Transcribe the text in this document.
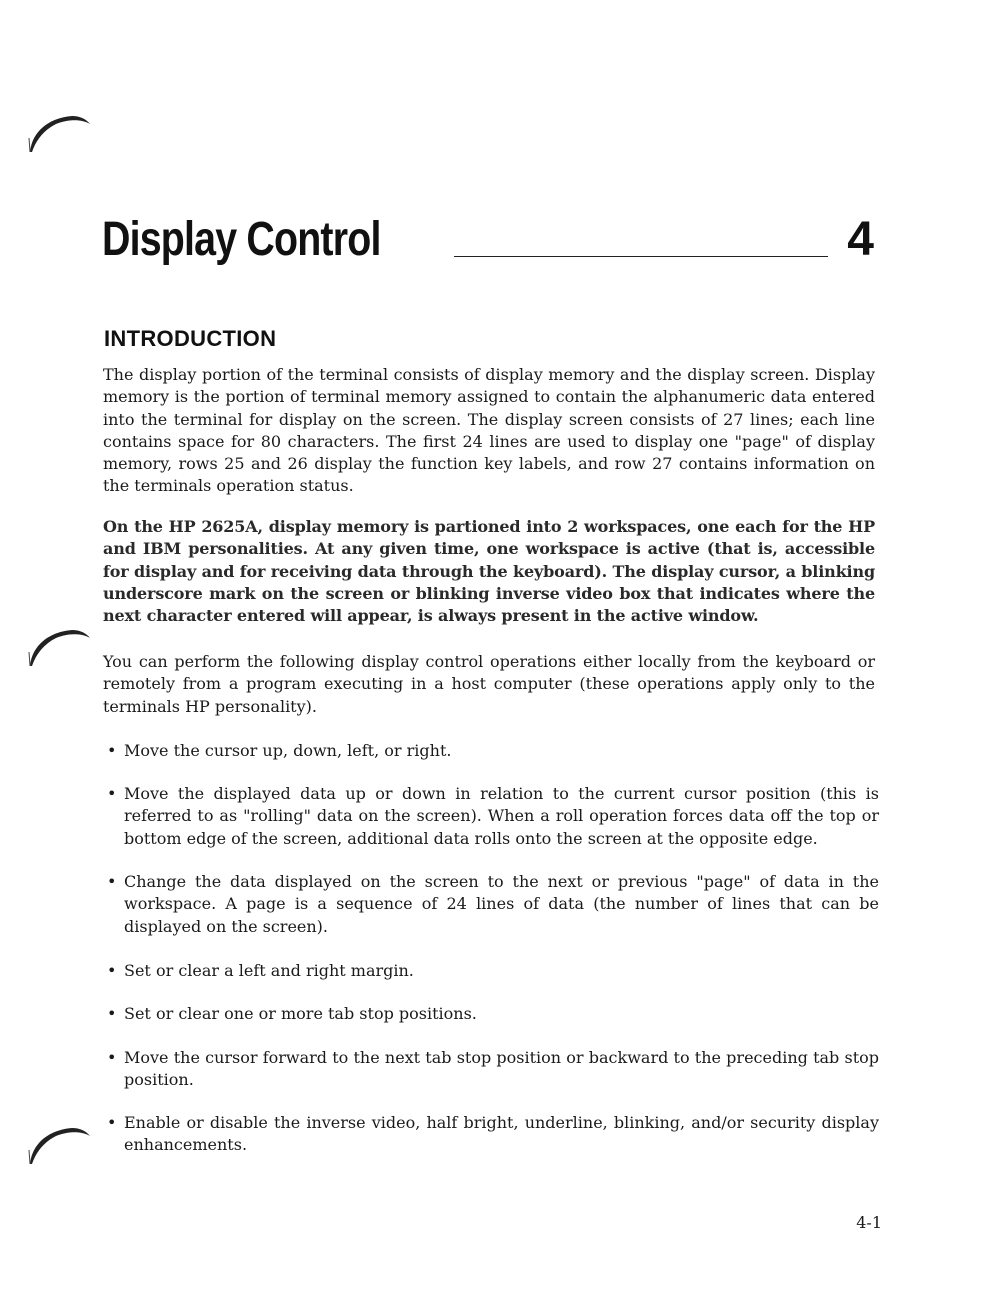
Display Control	4
INTRODUCTION

The display portion of the terminal consists of display memory and the display screen. Display memory is the portion of terminal memory assigned to contain the alphanumeric data entered into the terminal for display on the screen. The display screen consists of 27 lines; each line contains space for 80 characters. The first 24 lines are used to display one "page" of display memory, rows 25 and 26 display the function key labels, and row 27 contains information on the terminals operation status.

On the HP 2625A, display memory is partioned into 2 workspaces, one each for the HP and IBM personalities. At any given time, one workspace is active (that is, accessible for display and for receiving data through the keyboard). The display cursor, a blinking underscore mark on the screen or blinking inverse video box that indicates where the next character entered will appear, is always present in the active window.

You can perform the following display control operations either locally from the keyboard or remotely from a program executing in a host computer (these operations apply only to the terminals HP personality).

• Move the cursor up, down, left, or right.
• Move the displayed data up or down in relation to the current cursor position (this is referred to as "rolling" data on the screen). When a roll operation forces data off the top or bottom edge of the screen, additional data rolls onto the screen at the opposite edge.
• Change the data displayed on the screen to the next or previous "page" of data in the workspace. A page is a sequence of 24 lines of data (the number of lines that can be displayed on the screen).
• Set or clear a left and right margin.
• Set or clear one or more tab stop positions.
• Move the cursor forward to the next tab stop position or backward to the preceding tab stop position.
• Enable or disable the inverse video, half bright, underline, blinking, and/or security display enhancements.
4-1
